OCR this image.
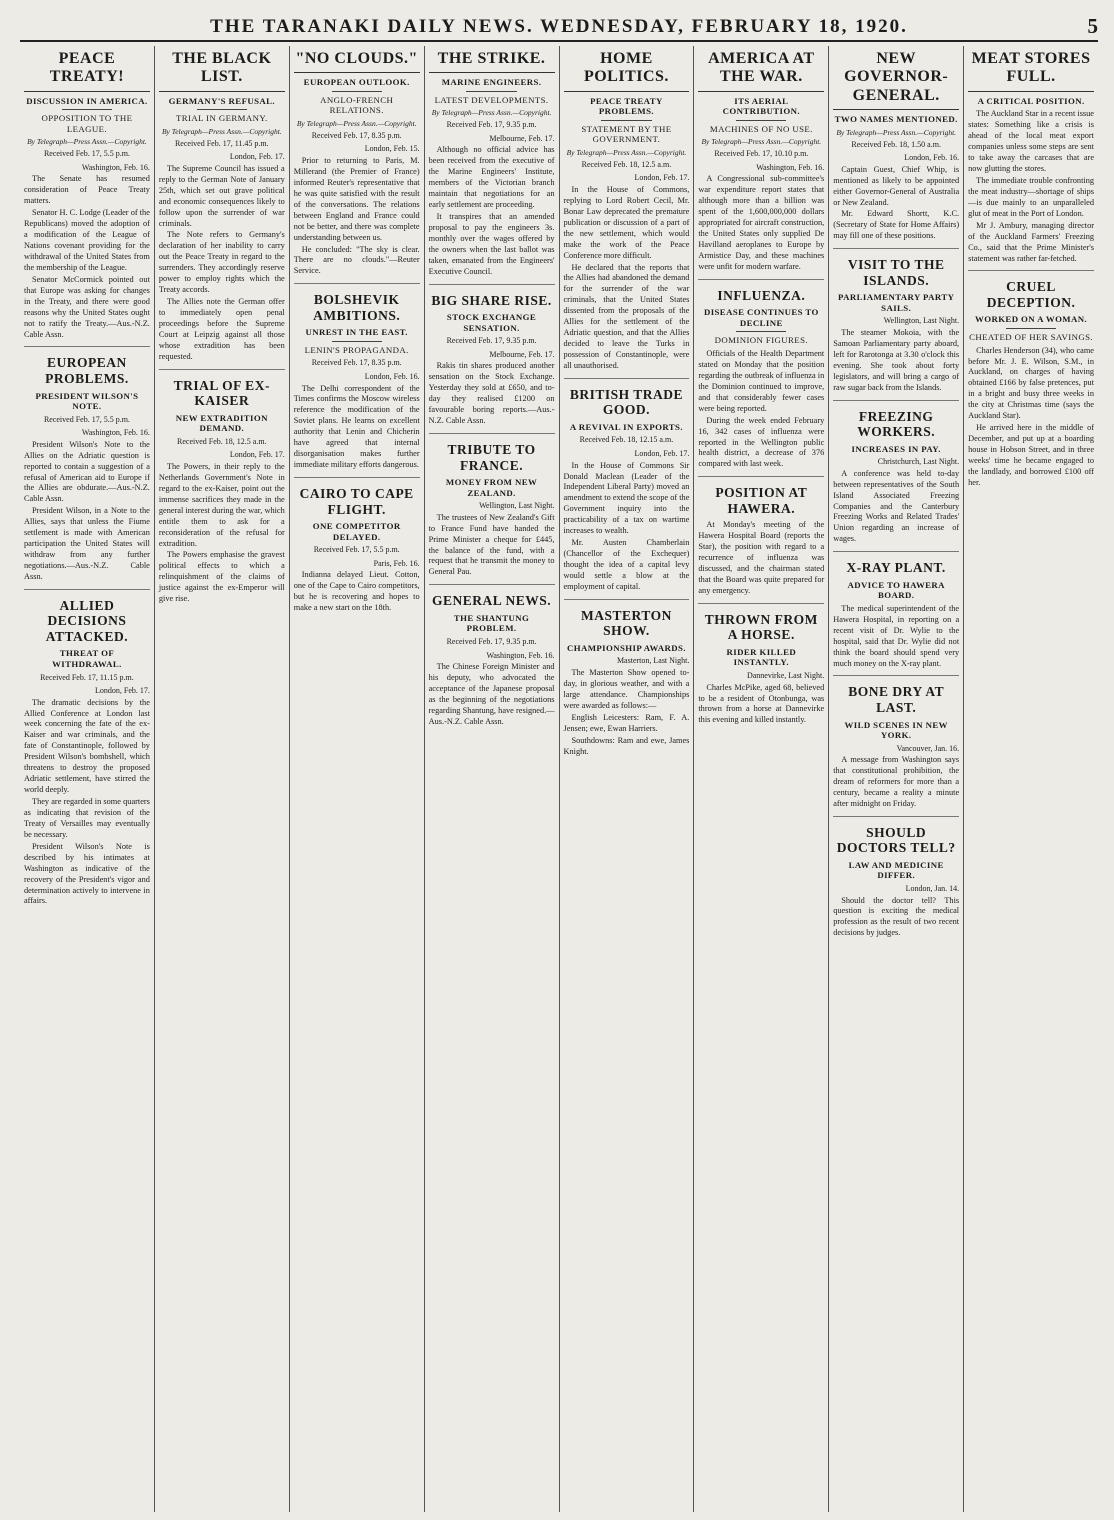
THE TARANAKI DAILY NEWS. WEDNESDAY, FEBRUARY 18, 1920.	5
PEACE TREATY!
DISCUSSION IN AMERICA.
OPPOSITION TO THE LEAGUE.
By Telegraph—Press Assn.—Copyright.
Received Feb. 17, 5.5 p.m.
Washington, Feb. 16.

The Senate has resumed consideration of Peace Treaty matters.

Senator H. C. Lodge (Leader of the Republicans) moved the adoption of a modification of the League of Nations covenant providing for the withdrawal of the United States from the membership of the League.

Senator McCormick pointed out that Europe was asking for changes in the Treaty, and there were good reasons why the United States ought not to ratify the Treaty.—Aus.-N.Z. Cable Assn.

EUROPEAN PROBLEMS.
PRESIDENT WILSON'S NOTE.
Received Feb. 17, 5.5 p.m.
Washington, Feb. 16.

President Wilson's Note to the Allies on the Adriatic question is reported to contain a suggestion of a refusal of American aid to Europe if the Allies are obdurate.—Aus.-N.Z. Cable Assn.

President Wilson, in a Note to the Allies, says that unless the Fiume settlement is made with American participation the United States will withdraw from any further negotiations.—Aus.-N.Z. Cable Assn.

ALLIED DECISIONS ATTACKED.
THREAT OF WITHDRAWAL.
Received Feb. 17, 11.15 p.m.
London, Feb. 17.

The dramatic decisions by the Allied Conference at London last week concerning the fate of the ex-Kaiser and war criminals, and the fate of Constantinople, followed by President Wilson's bombshell, which threatens to destroy the proposed Adriatic settlement, have stirred the world deeply.

They are regarded in some quarters as indicating that revision of the Treaty of Versailles may eventually be necessary.

President Wilson's Note is described by his intimates at Washington as indicative of the recovery of the President's vigor and determination actively to intervene in affairs.

THE BLACK LIST.
GERMANY'S REFUSAL.
TRIAL IN GERMANY.
By Telegraph—Press Assn.—Copyright.
Received Feb. 17, 11.45 p.m.
London, Feb. 17.

The Supreme Council has issued a reply to the German Note of January 25th, which set out grave political and economic consequences likely to follow upon the surrender of war criminals.

The Note refers to Germany's declaration of her inability to carry out the Peace Treaty in regard to the surrenders. They accordingly reserve power to employ rights which the Treaty accords.

The Allies note the German offer to immediately open penal proceedings before the Supreme Court at Leipzig against all those whose extradition has been requested.

TRIAL OF EX-KAISER
NEW EXTRADITION DEMAND.
Received Feb. 18, 12.5 a.m.
London, Feb. 17.

The Powers, in their reply to the Netherlands Government's Note in regard to the ex-Kaiser, point out the immense sacrifices they made in the general interest during the war, which entitle them to ask for a reconsideration of the refusal for extradition.

The Powers emphasise the gravest political effects to which a relinquishment of the claims of justice against the ex-Emperor will give rise.

"NO CLOUDS."
EUROPEAN OUTLOOK.
ANGLO-FRENCH RELATIONS.
By Telegraph—Press Assn.—Copyright.
Received Feb. 17, 8.35 p.m.
London, Feb. 15.

Prior to returning to Paris, M. Millerand (the Premier of France) informed Reuter's representative that he was quite satisfied with the result of the conversations. The relations between England and France could not be better, and there was complete understanding between us.

He concluded: "The sky is clear. There are no clouds."—Reuter Service.

BOLSHEVIK AMBITIONS.
UNREST IN THE EAST.
LENIN'S PROPAGANDA.
Received Feb. 17, 8.35 p.m.
London, Feb. 16.

The Delhi correspondent of the Times confirms the Moscow wireless reference the modification of the Soviet plans. He learns on excellent authority that Lenin and Chicherin have agreed that internal disorganisation makes further immediate military efforts dangerous.

CAIRO TO CAPE FLIGHT.
ONE COMPETITOR DELAYED.
Received Feb. 17, 5.5 p.m.
Paris, Feb. 16.

Indianna delayed Lieut. Cotton, one of the Cape to Cairo competitors, but he is recovering and hopes to make a new start on the 18th.

THE STRIKE.
MARINE ENGINEERS.
LATEST DEVELOPMENTS.
By Telegraph—Press Assn.—Copyright.
Received Feb. 17, 9.35 p.m.
Melbourne, Feb. 17.

Although no official advice has been received from the executive of the Marine Engineers' Institute, members of the Victorian branch maintain that negotiations for an early settlement are proceeding.

It transpires that an amended proposal to pay the engineers 3s. monthly over the wages offered by the owners when the last ballot was taken, emanated from the Engineers' Executive Council.

BIG SHARE RISE.
STOCK EXCHANGE SENSATION.
Received Feb. 17, 9.35 p.m.
Melbourne, Feb. 17.

Rakis tin shares produced another sensation on the Stock Exchange. Yesterday they sold at £650, and to-day they realised £1200 on favourable boring reports.—Aus.-N.Z. Cable Assn.

TRIBUTE TO FRANCE.
MONEY FROM NEW ZEALAND.
Wellington, Last Night.

The trustees of New Zealand's Gift to France Fund have handed the Prime Minister a cheque for £445, the balance of the fund, with a request that he transmit the money to General Pau.

GENERAL NEWS.
THE SHANTUNG PROBLEM.
Received Feb. 17, 9.35 p.m.
Washington, Feb. 16.

The Chinese Foreign Minister and his deputy, who advocated the acceptance of the Japanese proposal as the beginning of the negotiations regarding Shantung, have resigned.—Aus.-N.Z. Cable Assn.

HOME POLITICS.
PEACE TREATY PROBLEMS.
STATEMENT BY THE GOVERNMENT.
By Telegraph—Press Assn.—Copyright.
Received Feb. 18, 12.5 a.m.
London, Feb. 17.

In the House of Commons, replying to Lord Robert Cecil, Mr. Bonar Law deprecated the premature publication or discussion of a part of the new settlement, which would make the work of the Peace Conference more difficult.

He declared that the reports that the Allies had abandoned the demand for the surrender of the war criminals, that the United States dissented from the proposals of the Allies for the settlement of the Adriatic question, and that the Allies decided to leave the Turks in possession of Constantinople, were all unauthorised.

BRITISH TRADE GOOD.
A REVIVAL IN EXPORTS.
Received Feb. 18, 12.15 a.m.
London, Feb. 17.

In the House of Commons Sir Donald Maclean (Leader of the Independent Liberal Party) moved an amendment to extend the scope of the Government inquiry into the practicability of a tax on wartime increases to wealth.

Mr. Austen Chamberlain (Chancellor of the Exchequer) thought the idea of a capital levy would settle a blow at the employment of capital.

MASTERTON SHOW.
CHAMPIONSHIP AWARDS.
Masterton, Last Night.

The Masterton Show opened to-day, in glorious weather, and with a large attendance. Championships were awarded as follows:—

English Leicesters: Ram, F. A. Jensen; ewe, Ewan Harriers.

Southdowns: Ram and ewe, James Knight.

AMERICA AT THE WAR.
ITS AERIAL CONTRIBUTION.
MACHINES OF NO USE.
By Telegraph—Press Assn.—Copyright.
Received Feb. 17, 10.10 p.m.
Washington, Feb. 16.

A Congressional sub-committee's war expenditure report states that although more than a billion was spent of the 1,600,000,000 dollars appropriated for aircraft construction, the United States only supplied De Havilland aeroplanes to Europe by Armistice Day, and these machines were unfit for modern warfare.

INFLUENZA.
DISEASE CONTINUES TO DECLINE
DOMINION FIGURES.

Officials of the Health Department stated on Monday that the position regarding the outbreak of influenza in the Dominion continued to improve, and that considerably fewer cases were being reported.

During the week ended February 16, 342 cases of influenza were reported in the Wellington public health district, a decrease of 376 compared with last week.

POSITION AT HAWERA.

At Monday's meeting of the Hawera Hospital Board (reports the Star), the position with regard to a recurrence of influenza was discussed, and the chairman stated that the Board was quite prepared for any emergency.

THROWN FROM A HORSE.
RIDER KILLED INSTANTLY.
Dannevirke, Last Night.

Charles McPike, aged 68, believed to be a resident of Otonbunga, was thrown from a horse at Dannevirke this evening and killed instantly.

NEW GOVERNOR-GENERAL.
TWO NAMES MENTIONED.
By Telegraph—Press Assn.—Copyright.
Received Feb. 18, 1.50 a.m.
London, Feb. 16.

Captain Guest, Chief Whip, is mentioned as likely to be appointed either Governor-General of Australia or New Zealand.

Mr. Edward Shortt, K.C. (Secretary of State for Home Affairs) may fill one of these positions.

VISIT TO THE ISLANDS.
PARLIAMENTARY PARTY SAILS.
Wellington, Last Night.

The steamer Mokoia, with the Samoan Parliamentary party aboard, left for Rarotonga at 3.30 o'clock this evening. She took about forty legislators, and will bring a cargo of raw sugar back from the Islands.

FREEZING WORKERS.
INCREASES IN PAY.
Christchurch, Last Night.

A conference was held to-day between representatives of the South Island Associated Freezing Companies and the Canterbury Freezing Works and Related Trades' Union regarding an increase of wages.

X-RAY PLANT.
ADVICE TO HAWERA BOARD.

The medical superintendent of the Hawera Hospital, in reporting on a recent visit of Dr. Wylie to the hospital, said that Dr. Wylie did not think the board should spend very much money on the X-ray plant.

BONE DRY AT LAST.
WILD SCENES IN NEW YORK.
Vancouver, Jan. 16.

A message from Washington says that constitutional prohibition, the dream of reformers for more than a century, became a reality a minute after midnight on Friday.

SHOULD DOCTORS TELL?
LAW AND MEDICINE DIFFER.
London, Jan. 14.

Should the doctor tell? This question is exciting the medical profession as the result of two recent decisions by judges.

MEAT STORES FULL.
A CRITICAL POSITION.

The Auckland Star in a recent issue states: Something like a crisis is ahead of the local meat export companies unless some steps are sent to take away the carcases that are now glutting the stores.

The immediate trouble confronting the meat industry—shortage of ships—is due mainly to an unparalleled glut of meat in the Port of London.

Mr J. Ambury, managing director of the Auckland Farmers' Freezing Co., said that the Prime Minister's statement was rather far-fetched.

CRUEL DECEPTION.
WORKED ON A WOMAN.
CHEATED OF HER SAVINGS.

Charles Henderson (34), who came before Mr. J. E. Wilson, S.M., in Auckland, on charges of having obtained £166 by false pretences, put in a bright and busy three weeks in the city at Christmas time (says the Auckland Star).

He arrived here in the middle of December, and put up at a boarding house in Hobson Street, and in three weeks' time he became engaged to the landlady, and borrowed £100 off her.
